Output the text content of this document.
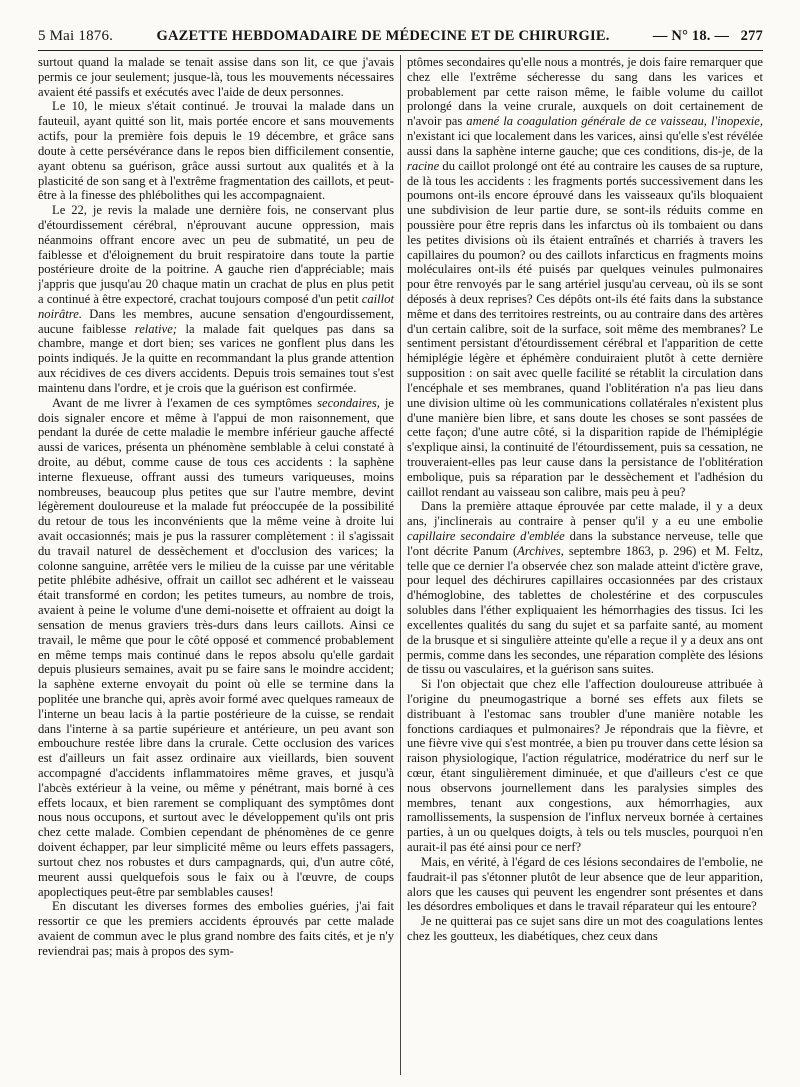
5 Mai 1876.	GAZETTE HEBDOMADAIRE DE MÉDECINE ET DE CHIRURGIE.	— N° 18. — 277

surtout quand la malade se tenait assise dans son lit, ce que j'avais permis ce jour seulement; jusque-là, tous les mouvements nécessaires avaient été passifs et exécutés avec l'aide de deux personnes.

Le 10, le mieux s'était continué. Je trouvai la malade dans un fauteuil, ayant quitté son lit, mais portée encore et sans mouvements actifs, pour la première fois depuis le 19 décembre, et grâce sans doute à cette persévérance dans le repos bien difficilement consentie, ayant obtenu sa guérison, grâce aussi surtout aux qualités et à la plasticité de son sang et à l'extrême fragmentation des caillots, et peut-être à la finesse des phlébolithes qui les accompagnaient.

Le 22, je revis la malade une dernière fois, ne conservant plus d'étourdissement cérébral, n'éprouvant aucune oppression, mais néanmoins offrant encore avec un peu de submatité, un peu de faiblesse et d'éloignement du bruit respiratoire dans toute la partie postérieure droite de la poitrine. A gauche rien d'appréciable; mais j'appris que jusqu'au 20 chaque matin un crachat de plus en plus petit a continué à être expectoré, crachat toujours composé d'un petit caillot noirâtre. Dans les membres, aucune sensation d'engourdissement, aucune faiblesse relative; la malade fait quelques pas dans sa chambre, mange et dort bien; ses varices ne gonflent plus dans les points indiqués. Je la quitte en recommandant la plus grande attention aux récidives de ces divers accidents. Depuis trois semaines tout s'est maintenu dans l'ordre, et je crois que la guérison est confirmée.

Avant de me livrer à l'examen de ces symptômes secondaires, je dois signaler encore et même à l'appui de mon raisonnement, que pendant la durée de cette maladie le membre inférieur gauche affecté aussi de varices, présenta un phénomène semblable à celui constaté à droite, au début, comme cause de tous ces accidents : la saphène interne flexueuse, offrant aussi des tumeurs variqueuses, moins nombreuses, beaucoup plus petites que sur l'autre membre, devint légèrement douloureuse et la malade fut préoccupée de la possibilité du retour de tous les inconvénients que la même veine à droite lui avait occasionnés; mais je pus la rassurer complètement : il s'agissait du travail naturel de dessèchement et d'occlusion des varices; la colonne sanguine, arrêtée vers le milieu de la cuisse par une véritable petite phlébite adhésive, offrait un caillot sec adhérent et le vaisseau était transformé en cordon; les petites tumeurs, au nombre de trois, avaient à peine le volume d'une demi-noisette et offraient au doigt la sensation de menus graviers très-durs dans leurs caillots. Ainsi ce travail, le même que pour le côté opposé et commencé probablement en même temps mais continué dans le repos absolu qu'elle gardait depuis plusieurs semaines, avait pu se faire sans le moindre accident; la saphène externe envoyait du point où elle se termine dans la poplitée une branche qui, après avoir formé avec quelques rameaux de l'interne un beau lacis à la partie postérieure de la cuisse, se rendait dans l'interne à sa partie supérieure et antérieure, un peu avant son embouchure restée libre dans la crurale. Cette occlusion des varices est d'ailleurs un fait assez ordinaire aux vieillards, bien souvent accompagné d'accidents inflammatoires même graves, et jusqu'à l'abcès extérieur à la veine, ou même y pénétrant, mais borné à ces effets locaux, et bien rarement se compliquant des symptômes dont nous nous occupons, et surtout avec le développement qu'ils ont pris chez cette malade. Combien cependant de phénomènes de ce genre doivent échapper, par leur simplicité même ou leurs effets passagers, surtout chez nos robustes et durs campagnards, qui, d'un autre côté, meurent aussi quelquefois sous le faix ou à l'œuvre, de coups apoplectiques peut-être par semblables causes!

En discutant les diverses formes des embolies guéries, j'ai fait ressortir ce que les premiers accidents éprouvés par cette malade avaient de commun avec le plus grand nombre des faits cités, et je n'y reviendrai pas; mais à propos des sym-

ptômes secondaires qu'elle nous a montrés, je dois faire remarquer que chez elle l'extrême sécheresse du sang dans les varices et probablement par cette raison même, le faible volume du caillot prolongé dans la veine crurale, auxquels on doit certainement de n'avoir pas amené la coagulation générale de ce vaisseau, l'inopexie, n'existant ici que localement dans les varices, ainsi qu'elle s'est révélée aussi dans la saphène interne gauche; que ces conditions, dis-je, de la racine du caillot prolongé ont été au contraire les causes de sa rupture, de là tous les accidents : les fragments portés successivement dans les poumons ont-ils encore éprouvé dans les vaisseaux qu'ils bloquaient une subdivision de leur partie dure, se sont-ils réduits comme en poussière pour être repris dans les infarctus où ils tombaient ou dans les petites divisions où ils étaient entraînés et charriés à travers les capillaires du poumon? ou des caillots infarcticus en fragments moins moléculaires ont-ils été puisés par quelques veinules pulmonaires pour être renvoyés par le sang artériel jusqu'au cerveau, où ils se sont déposés à deux reprises? Ces dépôts ont-ils été faits dans la substance même et dans des territoires restreints, ou au contraire dans des artères d'un certain calibre, soit de la surface, soit même des membranes? Le sentiment persistant d'étourdissement cérébral et l'apparition de cette hémiplégie légère et éphémère conduiraient plutôt à cette dernière supposition : on sait avec quelle facilité se rétablit la circulation dans l'encéphale et ses membranes, quand l'oblitération n'a pas lieu dans une division ultime où les communications collatérales n'existent plus d'une manière bien libre, et sans doute les choses se sont passées de cette façon; d'une autre côté, si la disparition rapide de l'hémiplégie s'explique ainsi, la continuité de l'étourdissement, puis sa cessation, ne trouveraient-elles pas leur cause dans la persistance de l'oblitération embolique, puis sa réparation par le dessèchement et l'adhésion du caillot rendant au vaisseau son calibre, mais peu à peu?

Dans la première attaque éprouvée par cette malade, il y a deux ans, j'inclinerais au contraire à penser qu'il y a eu une embolie capillaire secondaire d'emblée dans la substance nerveuse, telle que l'ont décrite Panum (Archives, septembre 1863, p. 296) et M. Feltz, telle que ce dernier l'a observée chez son malade atteint d'ictère grave, pour lequel des déchirures capillaires occasionnées par des cristaux d'hémoglobine, des tablettes de cholestérine et des corpuscules solubles dans l'éther expliquaient les hémorrhagies des tissus. Ici les excellentes qualités du sang du sujet et sa parfaite santé, au moment de la brusque et si singulière atteinte qu'elle a reçue il y a deux ans ont permis, comme dans les secondes, une réparation complète des lésions de tissu ou vasculaires, et la guérison sans suites.

Si l'on objectait que chez elle l'affection douloureuse attribuée à l'origine du pneumogastrique a borné ses effets aux filets se distribuant à l'estomac sans troubler d'une manière notable les fonctions cardiaques et pulmonaires? Je répondrais que la fièvre, et une fièvre vive qui s'est montrée, a bien pu trouver dans cette lésion sa raison physiologique, l'action régulatrice, modératrice du nerf sur le cœur, étant singulièrement diminuée, et que d'ailleurs c'est ce que nous observons journellement dans les paralysies simples des membres, tenant aux congestions, aux hémorrhagies, aux ramollissements, la suspension de l'influx nerveux bornée à certaines parties, à un ou quelques doigts, à tels ou tels muscles, pourquoi n'en aurait-il pas été ainsi pour ce nerf?

Mais, en vérité, à l'égard de ces lésions secondaires de l'embolie, ne faudrait-il pas s'étonner plutôt de leur absence que de leur apparition, alors que les causes qui peuvent les engendrer sont présentes et dans les désordres emboliques et dans le travail réparateur qui les entoure?

Je ne quitterai pas ce sujet sans dire un mot des coagulations lentes chez les goutteux, les diabétiques, chez ceux dans
